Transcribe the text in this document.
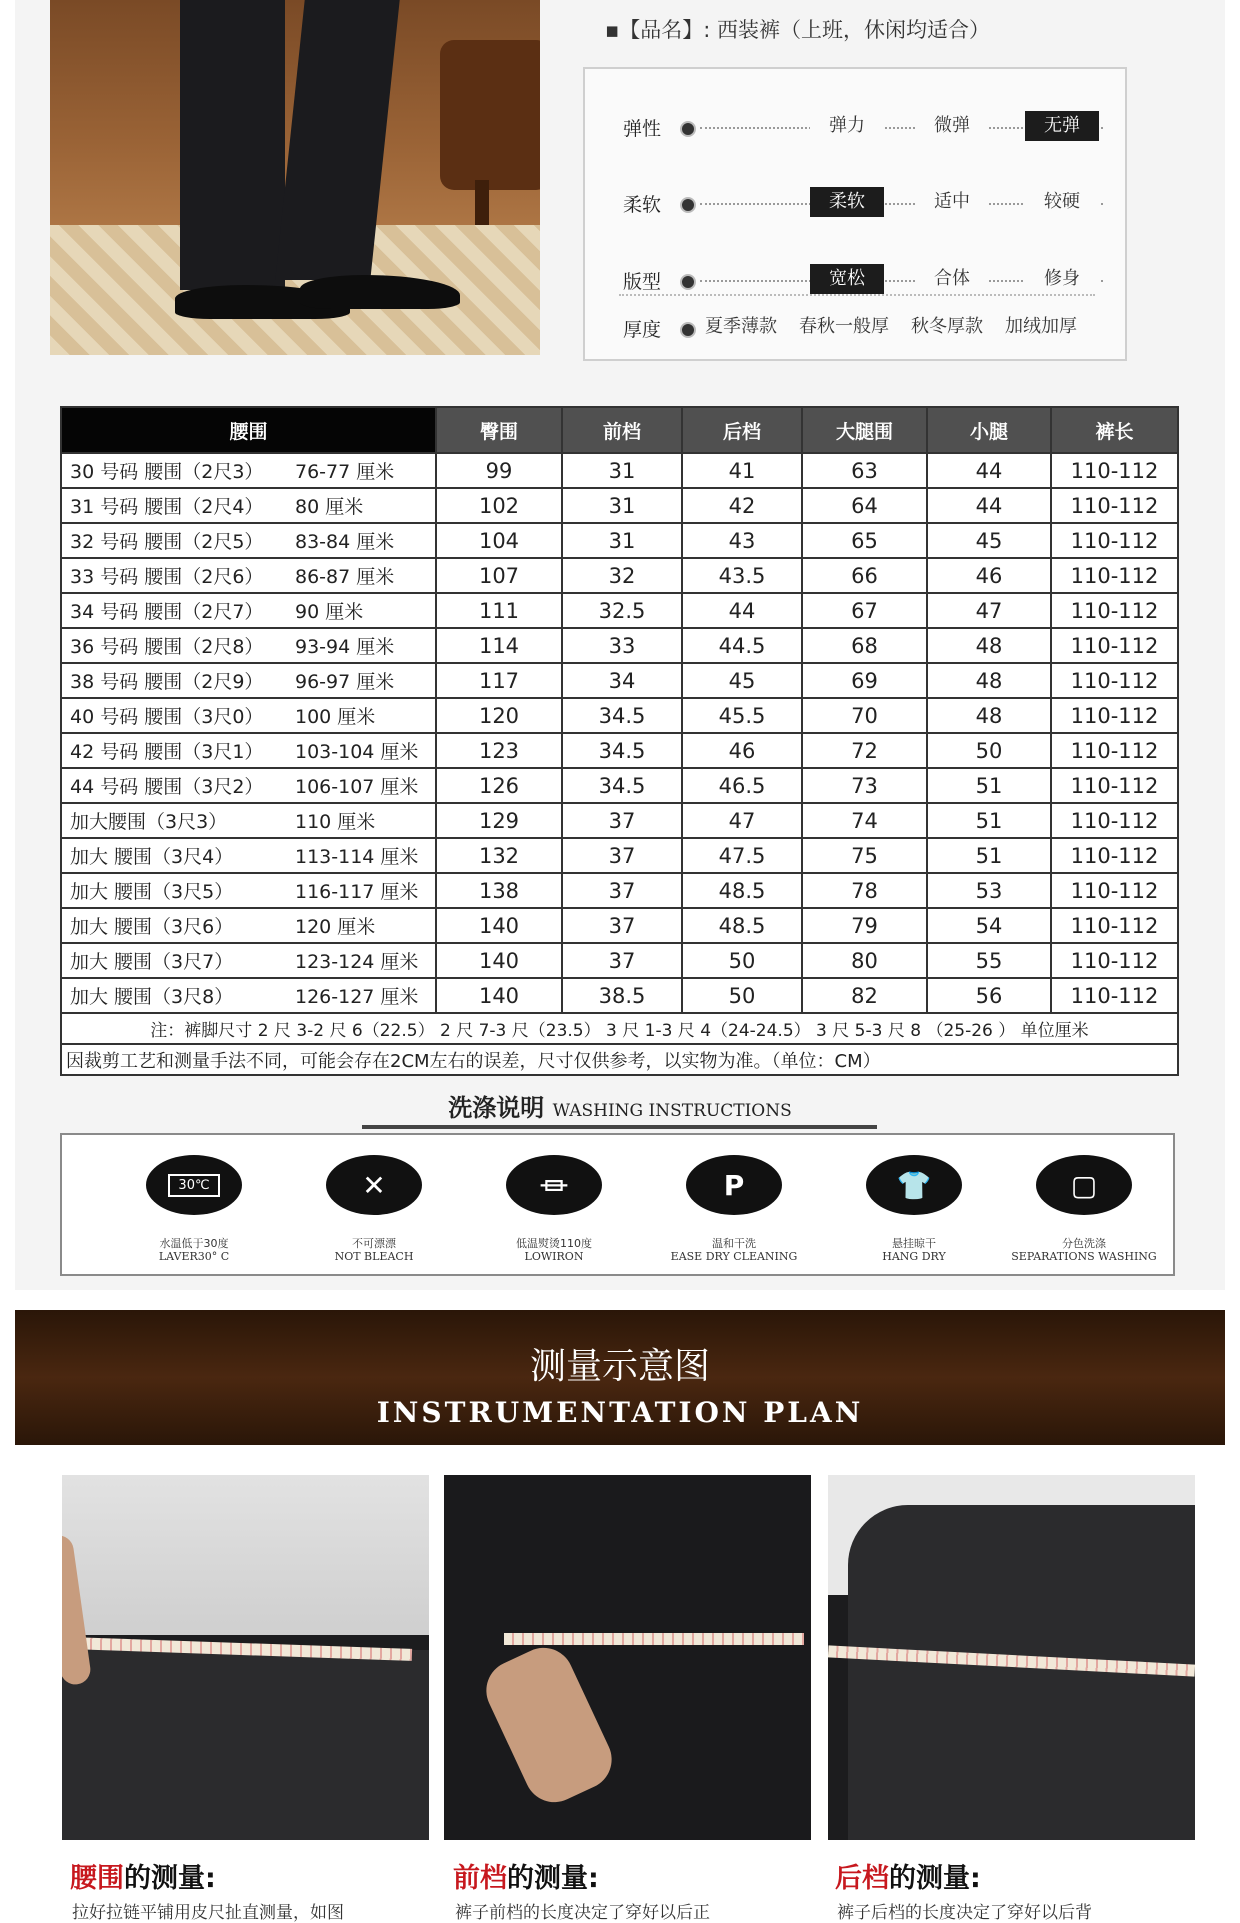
▪【品名】: 西装裤（上班，休闲均适合）
弹性	弹力	微弹	无弹
柔软	柔软	适中	较硬
版型	宽松	合体	修身
厚度	夏季薄款	春秋一般厚	秋冬厚款	加绒加厚
腰围	臀围	前档	后档	大腿围	小腿	裤长
30 号码 腰围（2尺3） 76-77 厘米	99	31	41	63	44	110-112
31 号码 腰围（2尺4） 80 厘米	102	31	42	64	44	110-112
32 号码 腰围（2尺5） 83-84 厘米	104	31	43	65	45	110-112
33 号码 腰围（2尺6） 86-87 厘米	107	32	43.5	66	46	110-112
34 号码 腰围（2尺7） 90 厘米	111	32.5	44	67	47	110-112
36 号码 腰围（2尺8） 93-94 厘米	114	33	44.5	68	48	110-112
38 号码 腰围（2尺9） 96-97 厘米	117	34	45	69	48	110-112
40 号码 腰围（3尺0） 100 厘米	120	34.5	45.5	70	48	110-112
42 号码 腰围（3尺1） 103-104 厘米	123	34.5	46	72	50	110-112
44 号码 腰围（3尺2） 106-107 厘米	126	34.5	46.5	73	51	110-112
加大腰围（3尺3） 110 厘米	129	37	47	74	51	110-112
加大 腰围（3尺4） 113-114 厘米	132	37	47.5	75	51	110-112
加大 腰围（3尺5） 116-117 厘米	138	37	48.5	78	53	110-112
加大 腰围（3尺6） 120 厘米	140	37	48.5	79	54	110-112
加大 腰围（3尺7） 123-124 厘米	140	37	50	80	55	110-112
加大 腰围（3尺8） 126-127 厘米	140	38.5	50	82	56	110-112
注：裤脚尺寸 2 尺 3-2 尺 6（22.5） 2 尺 7-3 尺（23.5） 3 尺 1-3 尺 4（24-24.5） 3 尺 5-3 尺 8 （25-26 ） 单位厘米						
因裁剪工艺和测量手法不同，可能会存在2CM左右的误差，尺寸仅供参考，以实物为准。（单位：CM）						
洗涤说明 WASHING INSTRUCTIONS
30℃
水温低于30度
LAVER30° C
✕
不可漂漂
NOT BLEACH
⏛
低温熨烫110度
LOWIRON
P
温和干洗
EASE DRY CLEANING
👕
悬挂晾干
HANG DRY
▢
分色洗涤
SEPARATIONS WASHING
测量示意图
INSTRUMENTATION PLAN
腰围的测量:
拉好拉链平铺用皮尺扯直测量，如图
前档的测量:
裤子前档的长度决定了穿好以后正
后档的测量:
裤子后档的长度决定了穿好以后背
